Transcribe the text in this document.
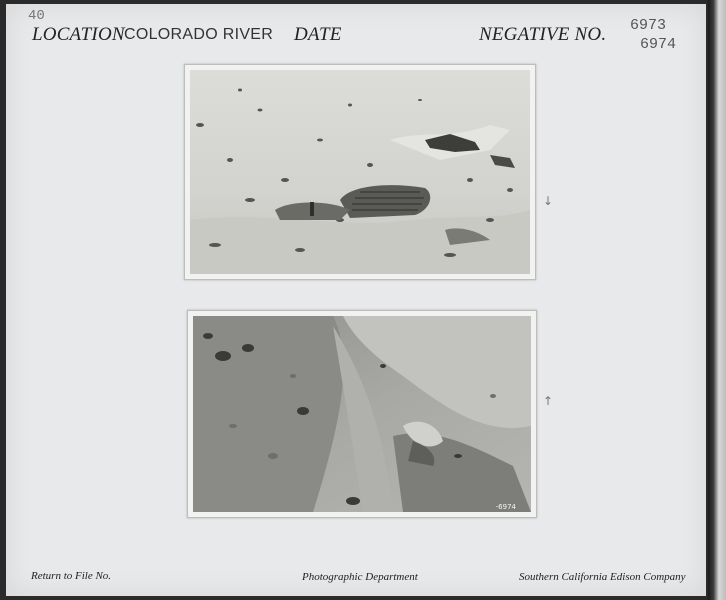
40
LOCATION COLORADO RIVER DATE	NEGATIVE NO. 6973
6974
↓
-6974
↑
Return to File No.	Photographic Department	Southern California Edison Company
